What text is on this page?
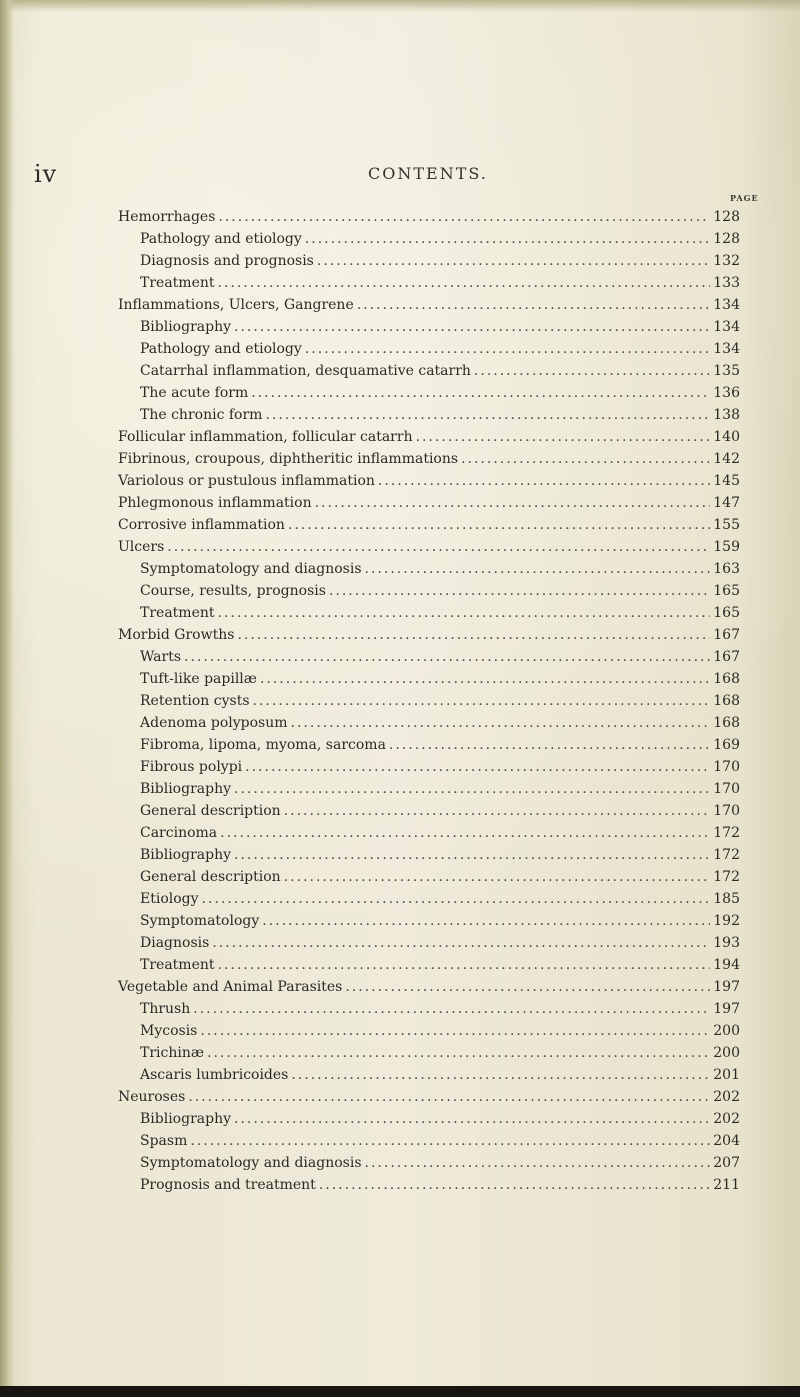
iv	CONTENTS.
PAGE
Hemorrhages .....	128
Pathology and etiology .....	128
Diagnosis and prognosis .....	132
Treatment .....	133
Inflammations, Ulcers, Gangrene .....	134
Bibliography .....	134
Pathology and etiology .....	134
Catarrhal inflammation, desquamative catarrh .....	135
The acute form .....	136
The chronic form .....	138
Follicular inflammation, follicular catarrh .....	140
Fibrinous, croupous, diphtheritic inflammations .....	142
Variolous or pustulous inflammation .....	145
Phlegmonous inflammation .....	147
Corrosive inflammation .....	155
Ulcers .....	159
Symptomatology and diagnosis .....	163
Course, results, prognosis .....	165
Treatment .....	165
Morbid Growths .....	167
Warts .....	167
Tuft-like papillæ .....	168
Retention cysts .....	168
Adenoma polyposum .....	168
Fibroma, lipoma, myoma, sarcoma .....	169
Fibrous polypi .....	170
Bibliography .....	170
General description .....	170
Carcinoma .....	172
Bibliography .....	172
General description .....	172
Etiology .....	185
Symptomatology .....	192
Diagnosis .....	193
Treatment .....	194
Vegetable and Animal Parasites .....	197
Thrush .....	197
Mycosis .....	200
Trichinæ .....	200
Ascaris lumbricoides .....	201
Neuroses .....	202
Bibliography .....	202
Spasm .....	204
Symptomatology and diagnosis .....	207
Prognosis and treatment .....	211
